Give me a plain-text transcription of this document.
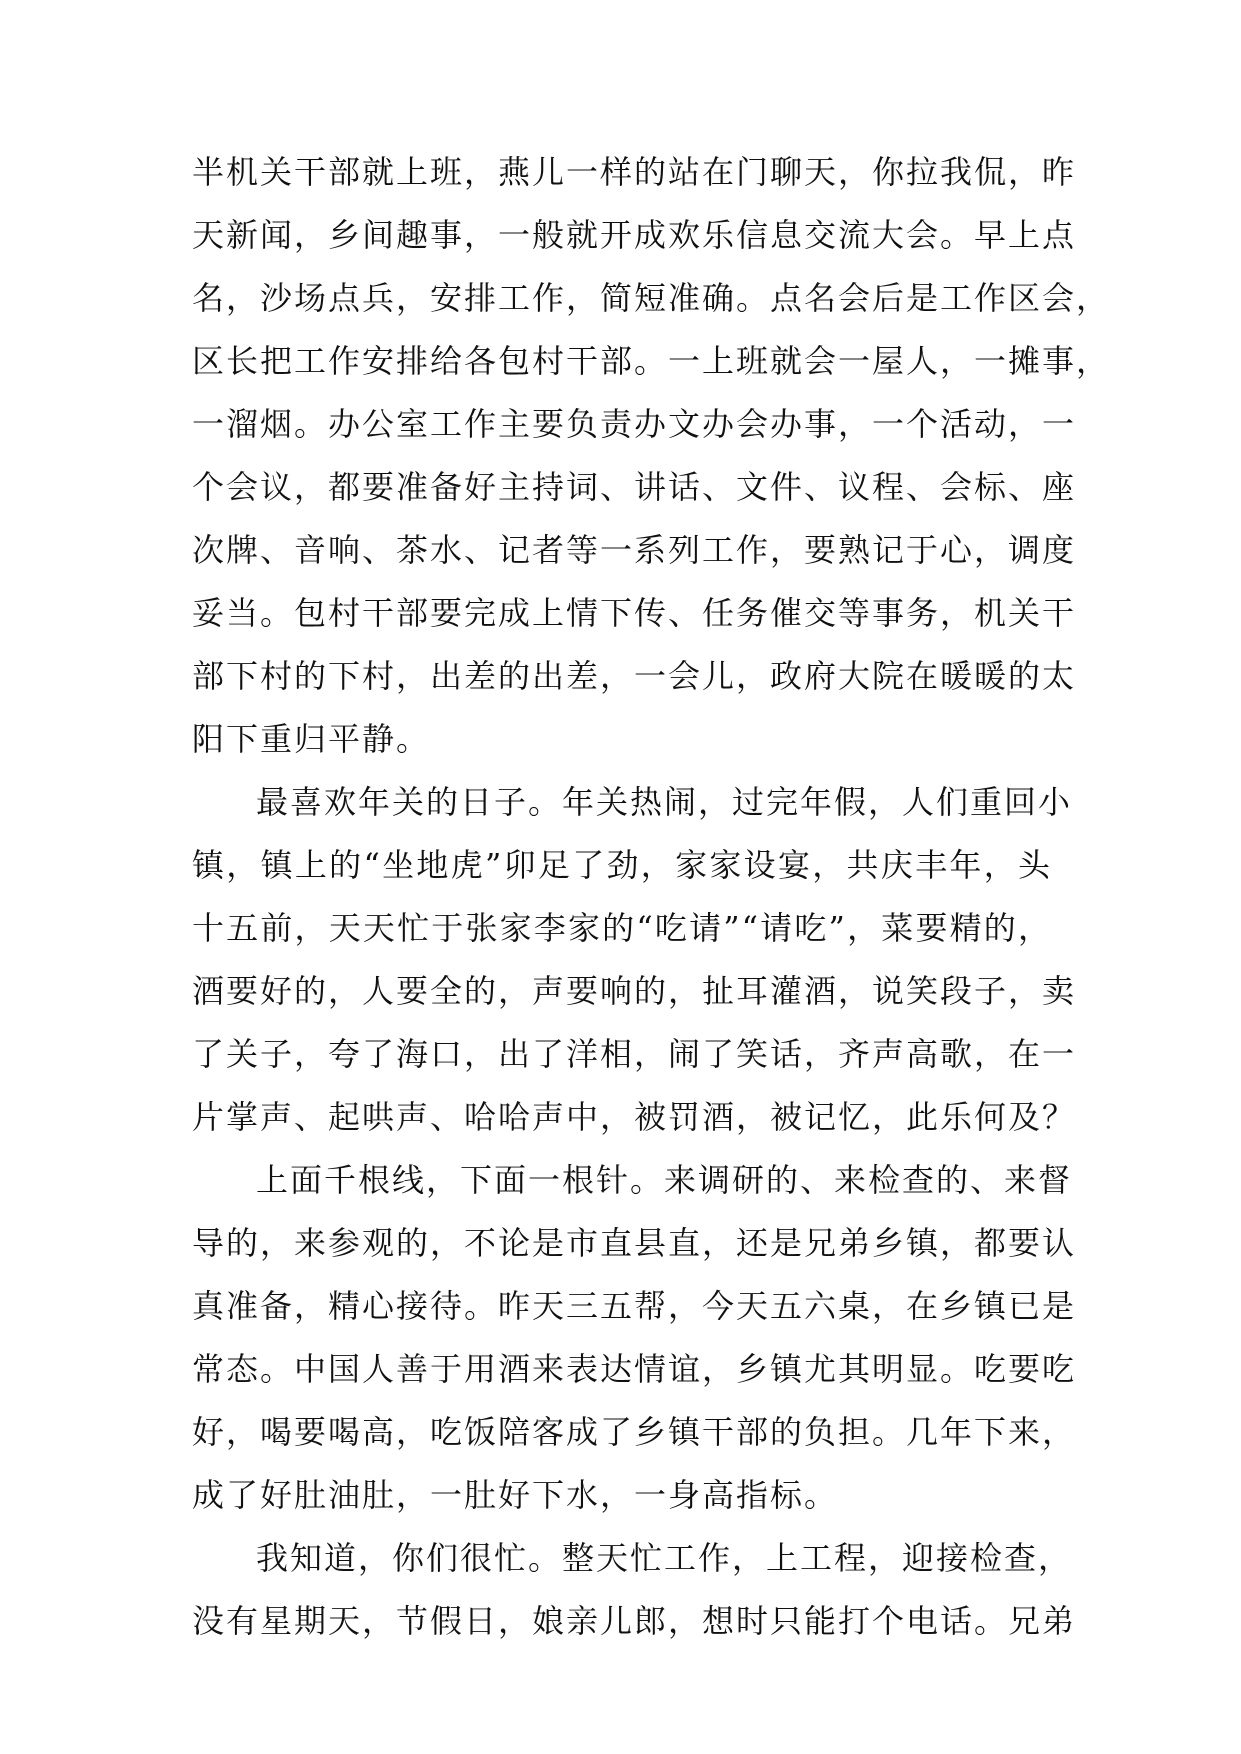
半机关干部就上班，燕儿一样的站在门聊天，你拉我侃，昨
天新闻，乡间趣事，一般就开成欢乐信息交流大会。早上点
名，沙场点兵，安排工作，简短准确。点名会后是工作区会，
区长把工作安排给各包村干部。一上班就会一屋人，一摊事，
一溜烟。办公室工作主要负责办文办会办事，一个活动，一
个会议，都要准备好主持词、讲话、文件、议程、会标、座
次牌、音响、茶水、记者等一系列工作，要熟记于心，调度
妥当。包村干部要完成上情下传、任务催交等事务，机关干
部下村的下村，出差的出差，一会儿，政府大院在暖暖的太
阳下重归平静。
最喜欢年关的日子。年关热闹，过完年假，人们重回小
镇，镇上的“坐地虎”卯足了劲，家家设宴，共庆丰年，头
十五前，天天忙于张家李家的“吃请”“请吃”，菜要精的，
酒要好的，人要全的，声要响的，扯耳灌酒，说笑段子，卖
了关子，夸了海口，出了洋相，闹了笑话，齐声高歌，在一
片掌声、起哄声、哈哈声中，被罚酒，被记忆，此乐何及？
上面千根线，下面一根针。来调研的、来检查的、来督
导的，来参观的，不论是市直县直，还是兄弟乡镇，都要认
真准备，精心接待。昨天三五帮，今天五六桌，在乡镇已是
常态。中国人善于用酒来表达情谊，乡镇尤其明显。吃要吃
好，喝要喝高，吃饭陪客成了乡镇干部的负担。几年下来，
成了好肚油肚，一肚好下水，一身高指标。
我知道，你们很忙。整天忙工作，上工程，迎接检查，
没有星期天，节假日，娘亲儿郎，想时只能打个电话。兄弟
